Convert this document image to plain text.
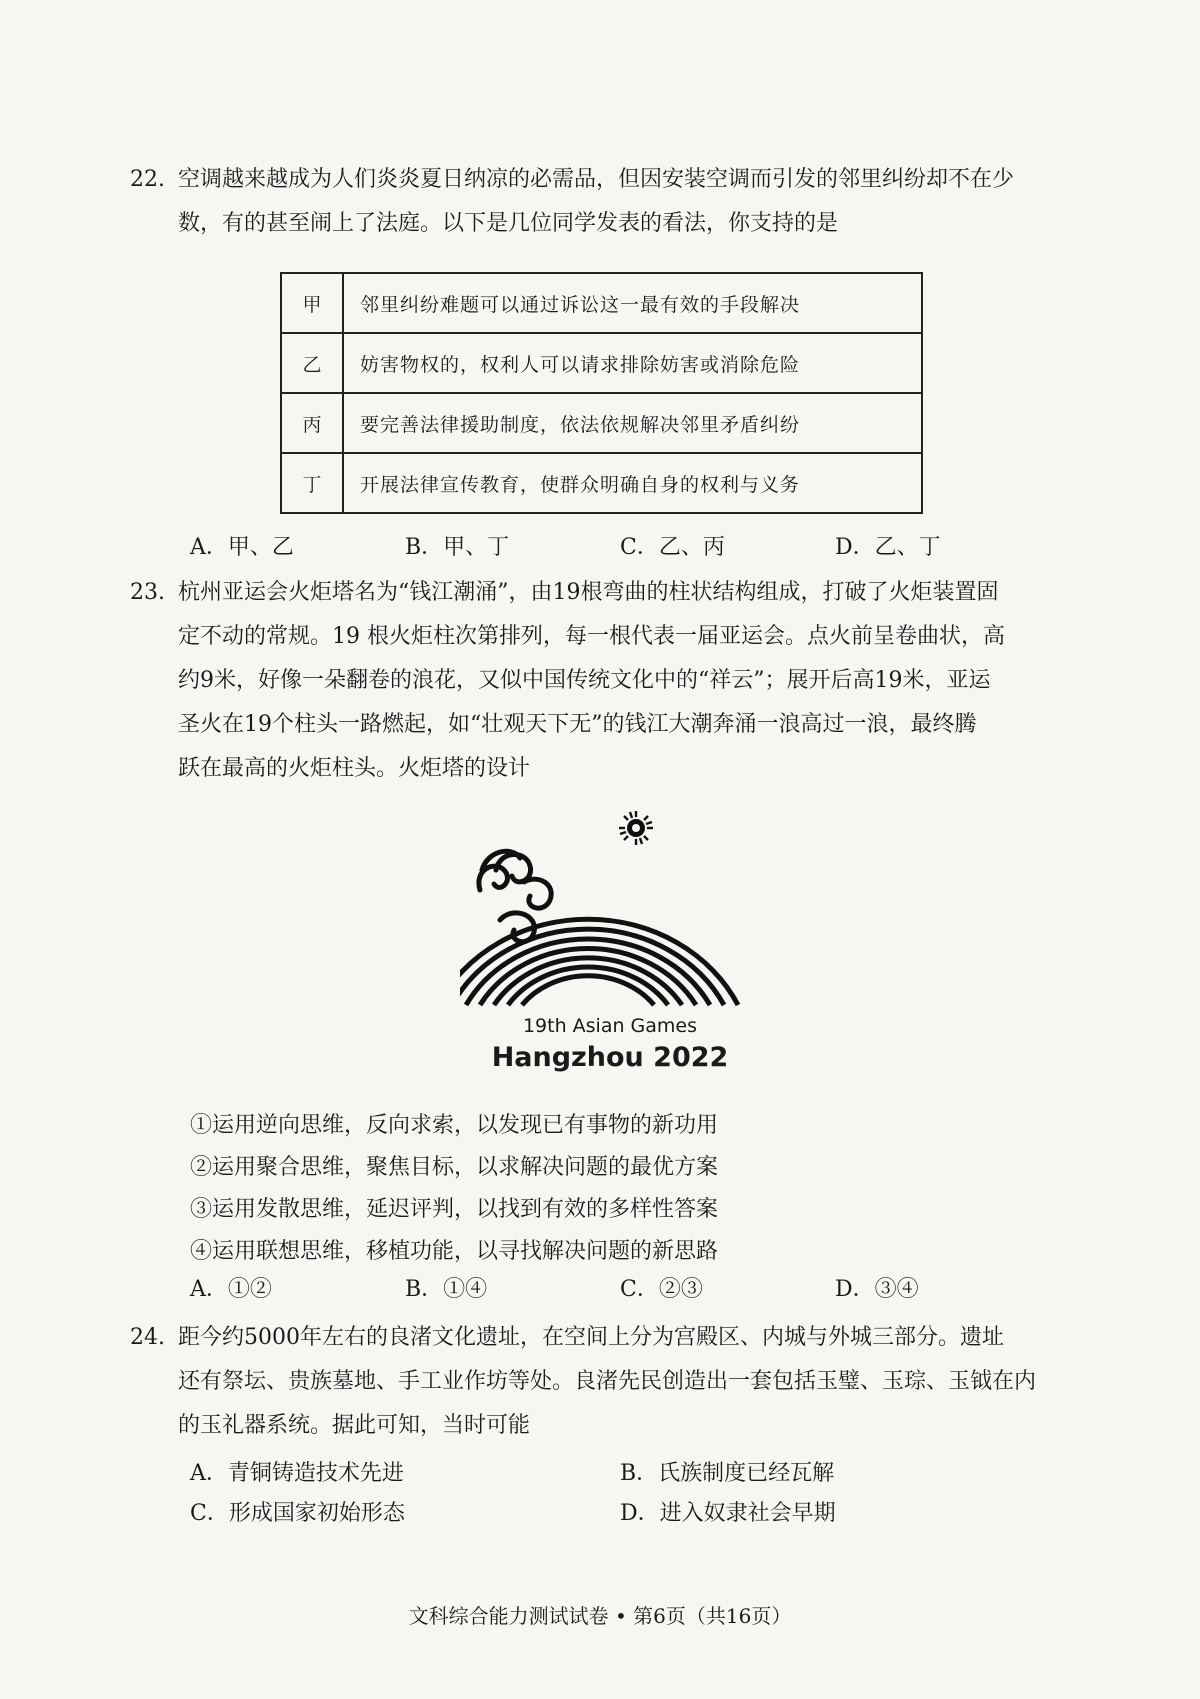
22. 空调越来越成为人们炎炎夏日纳凉的必需品，但因安装空调而引发的邻里纠纷却不在少
数，有的甚至闹上了法庭。以下是几位同学发表的看法，你支持的是
甲	邻里纠纷难题可以通过诉讼这一最有效的手段解决
乙	妨害物权的，权利人可以请求排除妨害或消除危险
丙	要完善法律援助制度，依法依规解决邻里矛盾纠纷
丁	开展法律宣传教育，使群众明确自身的权利与义务
A．甲、乙	B．甲、丁	C．乙、丙	D．乙、丁
23. 杭州亚运会火炬塔名为“钱江潮涌”，由19根弯曲的柱状结构组成，打破了火炬装置固
定不动的常规。19 根火炬柱次第排列，每一根代表一届亚运会。点火前呈卷曲状，高
约9米，好像一朵翻卷的浪花，又似中国传统文化中的“祥云”；展开后高19米，亚运
圣火在19个柱头一路燃起，如“壮观天下无”的钱江大潮奔涌一浪高过一浪，最终腾
跃在最高的火炬柱头。火炬塔的设计
19th Asian Games
Hangzhou 2022
①运用逆向思维，反向求索，以发现已有事物的新功用
②运用聚合思维，聚焦目标，以求解决问题的最优方案
③运用发散思维，延迟评判，以找到有效的多样性答案
④运用联想思维，移植功能，以寻找解决问题的新思路
A．①②	B．①④	C．②③	D．③④
24. 距今约5000年左右的良渚文化遗址，在空间上分为宫殿区、内城与外城三部分。遗址
还有祭坛、贵族墓地、手工业作坊等处。良渚先民创造出一套包括玉璧、玉琮、玉钺在内
的玉礼器系统。据此可知，当时可能
A．青铜铸造技术先进	B．氏族制度已经瓦解
C．形成国家初始形态	D．进入奴隶社会早期
文科综合能力测试试卷 • 第6页（共16页）
